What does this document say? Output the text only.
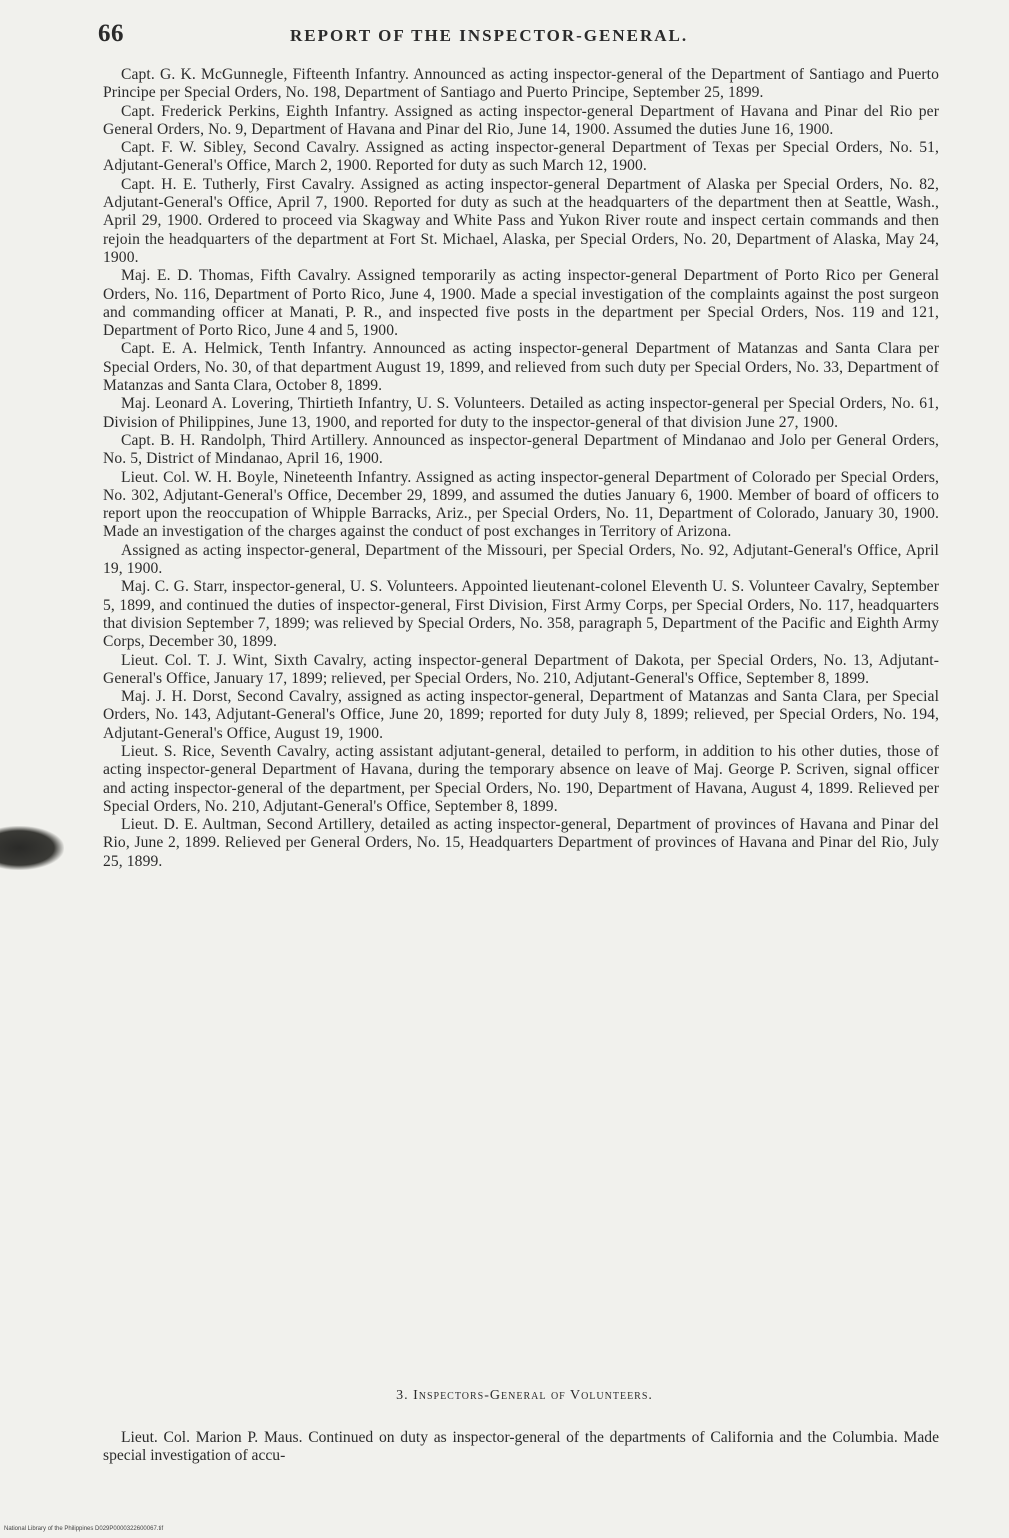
66	REPORT OF THE INSPECTOR-GENERAL.

Capt. G. K. McGunnegle, Fifteenth Infantry. Announced as acting inspector-general of the Department of Santiago and Puerto Principe per Special Orders, No. 198, Department of Santiago and Puerto Principe, September 25, 1899.

Capt. Frederick Perkins, Eighth Infantry. Assigned as acting inspector-general Department of Havana and Pinar del Rio per General Orders, No. 9, Department of Havana and Pinar del Rio, June 14, 1900. Assumed the duties June 16, 1900.

Capt. F. W. Sibley, Second Cavalry. Assigned as acting inspector-general Department of Texas per Special Orders, No. 51, Adjutant-General's Office, March 2, 1900. Reported for duty as such March 12, 1900.

Capt. H. E. Tutherly, First Cavalry. Assigned as acting inspector-general Department of Alaska per Special Orders, No. 82, Adjutant-General's Office, April 7, 1900. Reported for duty as such at the headquarters of the department then at Seattle, Wash., April 29, 1900. Ordered to proceed via Skagway and White Pass and Yukon River route and inspect certain commands and then rejoin the headquarters of the department at Fort St. Michael, Alaska, per Special Orders, No. 20, Department of Alaska, May 24, 1900.

Maj. E. D. Thomas, Fifth Cavalry. Assigned temporarily as acting inspector-general Department of Porto Rico per General Orders, No. 116, Department of Porto Rico, June 4, 1900. Made a special investigation of the complaints against the post surgeon and commanding officer at Manati, P. R., and inspected five posts in the department per Special Orders, Nos. 119 and 121, Department of Porto Rico, June 4 and 5, 1900.

Capt. E. A. Helmick, Tenth Infantry. Announced as acting inspector-general Department of Matanzas and Santa Clara per Special Orders, No. 30, of that department August 19, 1899, and relieved from such duty per Special Orders, No. 33, Department of Matanzas and Santa Clara, October 8, 1899.

Maj. Leonard A. Lovering, Thirtieth Infantry, U. S. Volunteers. Detailed as acting inspector-general per Special Orders, No. 61, Division of Philippines, June 13, 1900, and reported for duty to the inspector-general of that division June 27, 1900.

Capt. B. H. Randolph, Third Artillery. Announced as inspector-general Department of Mindanao and Jolo per General Orders, No. 5, District of Mindanao, April 16, 1900.

Lieut. Col. W. H. Boyle, Nineteenth Infantry. Assigned as acting inspector-general Department of Colorado per Special Orders, No. 302, Adjutant-General's Office, December 29, 1899, and assumed the duties January 6, 1900. Member of board of officers to report upon the reoccupation of Whipple Barracks, Ariz., per Special Orders, No. 11, Department of Colorado, January 30, 1900. Made an investigation of the charges against the conduct of post exchanges in Territory of Arizona.

Assigned as acting inspector-general, Department of the Missouri, per Special Orders, No. 92, Adjutant-General's Office, April 19, 1900.

Maj. C. G. Starr, inspector-general, U. S. Volunteers. Appointed lieutenant-colonel Eleventh U. S. Volunteer Cavalry, September 5, 1899, and continued the duties of inspector-general, First Division, First Army Corps, per Special Orders, No. 117, headquarters that division September 7, 1899; was relieved by Special Orders, No. 358, paragraph 5, Department of the Pacific and Eighth Army Corps, December 30, 1899.

Lieut. Col. T. J. Wint, Sixth Cavalry, acting inspector-general Department of Dakota, per Special Orders, No. 13, Adjutant-General's Office, January 17, 1899; relieved, per Special Orders, No. 210, Adjutant-General's Office, September 8, 1899.

Maj. J. H. Dorst, Second Cavalry, assigned as acting inspector-general, Department of Matanzas and Santa Clara, per Special Orders, No. 143, Adjutant-General's Office, June 20, 1899; reported for duty July 8, 1899; relieved, per Special Orders, No. 194, Adjutant-General's Office, August 19, 1900.

Lieut. S. Rice, Seventh Cavalry, acting assistant adjutant-general, detailed to perform, in addition to his other duties, those of acting inspector-general Department of Havana, during the temporary absence on leave of Maj. George P. Scriven, signal officer and acting inspector-general of the department, per Special Orders, No. 190, Department of Havana, August 4, 1899. Relieved per Special Orders, No. 210, Adjutant-General's Office, September 8, 1899.

Lieut. D. E. Aultman, Second Artillery, detailed as acting inspector-general, Department of provinces of Havana and Pinar del Rio, June 2, 1899. Relieved per General Orders, No. 15, Headquarters Department of provinces of Havana and Pinar del Rio, July 25, 1899.

3. Inspectors-General of Volunteers.

Lieut. Col. Marion P. Maus. Continued on duty as inspector-general of the departments of California and the Columbia. Made special investigation of accu-

National Library of the Philippines D029P0000322600067.tif
